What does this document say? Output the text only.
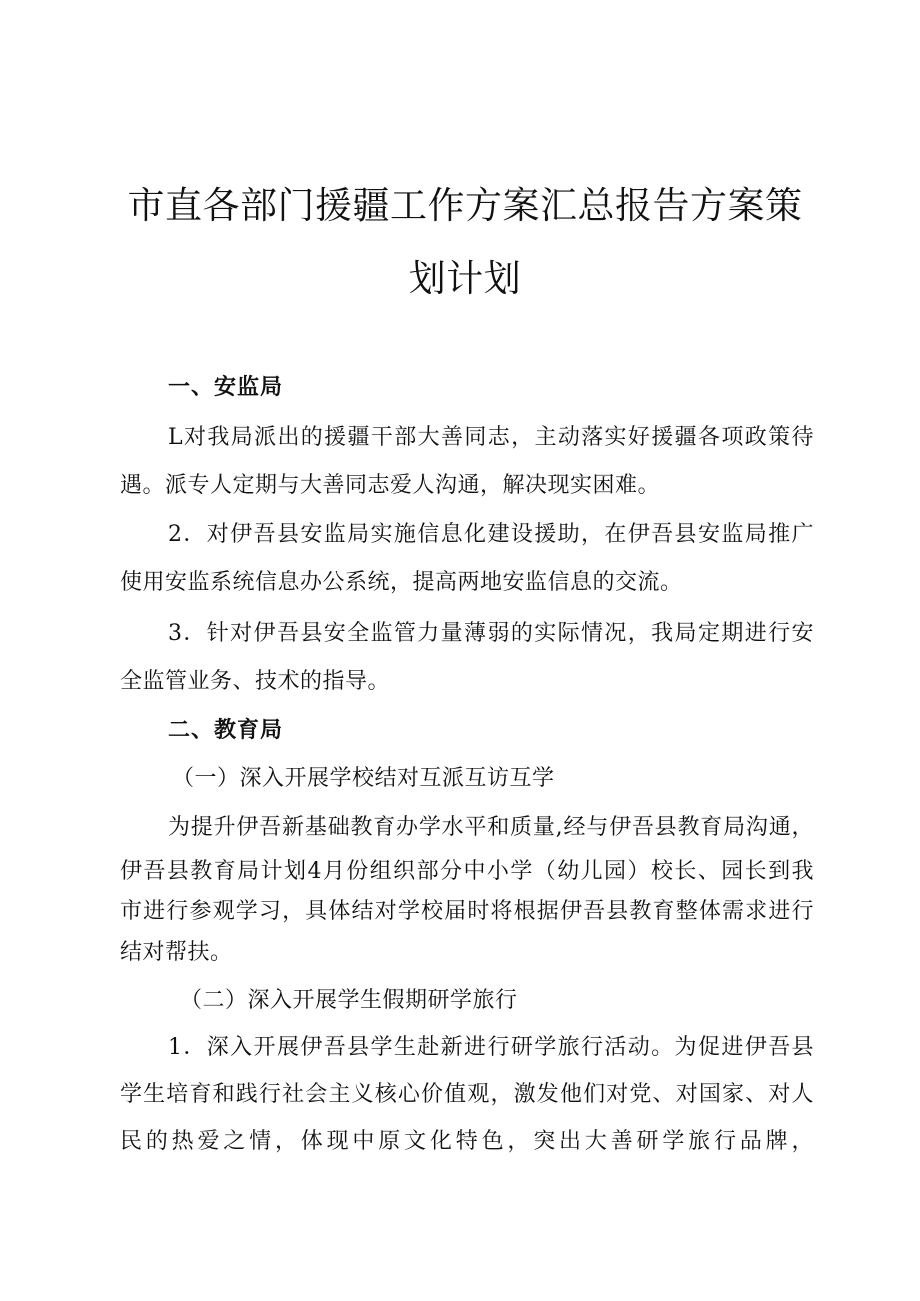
市直各部门援疆工作方案汇总报告方案策
划计划
一、安监局
L对我局派出的援疆干部大善同志，主动落实好援疆各项政策待
遇。派专人定期与大善同志爱人沟通，解决现实困难。
2．对伊吾县安监局实施信息化建设援助，在伊吾县安监局推广
使用安监系统信息办公系统，提高两地安监信息的交流。
3．针对伊吾县安全监管力量薄弱的实际情况，我局定期进行安
全监管业务、技术的指导。
二、教育局
（一）深入开展学校结对互派互访互学
为提升伊吾新基础教育办学水平和质量,经与伊吾县教育局沟通，
伊吾县教育局计划4月份组织部分中小学（幼儿园）校长、园长到我
市进行参观学习，具体结对学校届时将根据伊吾县教育整体需求进行
结对帮扶。
（二）深入开展学生假期研学旅行
1．深入开展伊吾县学生赴新进行研学旅行活动。为促进伊吾县
学生培育和践行社会主义核心价值观，激发他们对党、对国家、对人
民的热爱之情，体现中原文化特色，突出大善研学旅行品牌，
